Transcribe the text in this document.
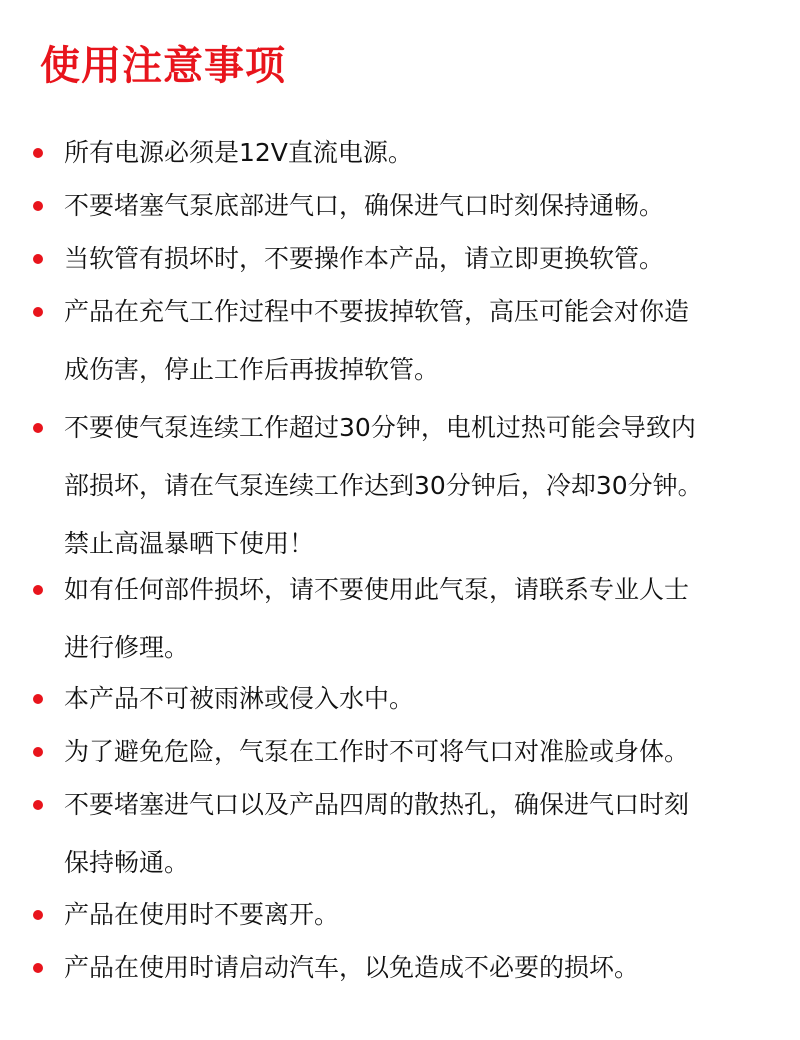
使用注意事项
所有电源必须是12V直流电源。
不要堵塞气泵底部进气口，确保进气口时刻保持通畅。
当软管有损坏时，不要操作本产品，请立即更换软管。
产品在充气工作过程中不要拔掉软管，高压可能会对你造
成伤害，停止工作后再拔掉软管。
不要使气泵连续工作超过30分钟，电机过热可能会导致内
部损坏，请在气泵连续工作达到30分钟后，冷却30分钟。
禁止高温暴晒下使用！
如有任何部件损坏，请不要使用此气泵，请联系专业人士
进行修理。
本产品不可被雨淋或侵入水中。
为了避免危险，气泵在工作时不可将气口对准脸或身体。
不要堵塞进气口以及产品四周的散热孔，确保进气口时刻
保持畅通。
产品在使用时不要离开。
产品在使用时请启动汽车，以免造成不必要的损坏。
